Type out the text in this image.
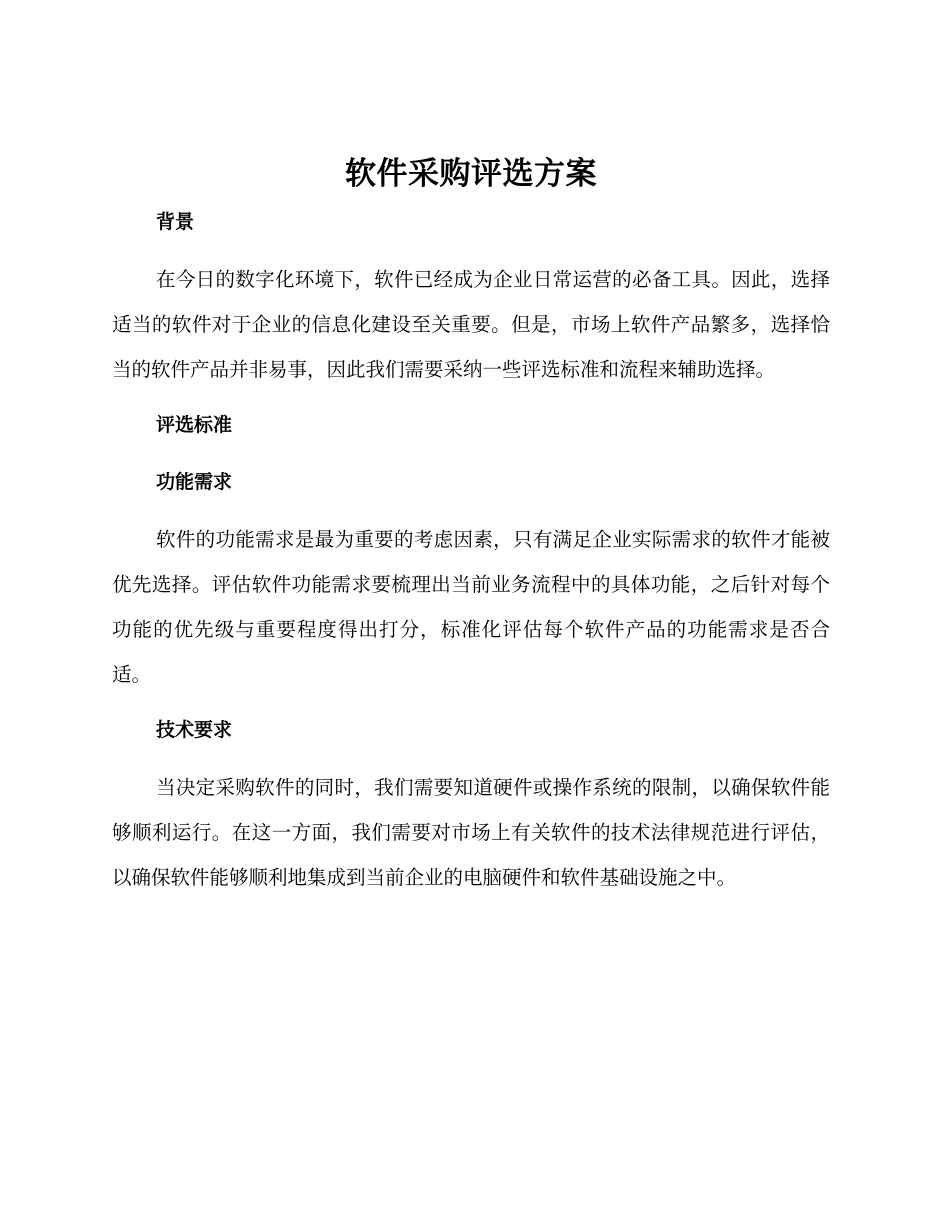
软件采购评选方案
背景

在今日的数字化环境下，软件已经成为企业日常运营的必备工具。因此，选择适当的软件对于企业的信息化建设至关重要。但是，市场上软件产品繁多，选择恰当的软件产品并非易事，因此我们需要采纳一些评选标准和流程来辅助选择。

评选标准
功能需求

软件的功能需求是最为重要的考虑因素，只有满足企业实际需求的软件才能被优先选择。评估软件功能需求要梳理出当前业务流程中的具体功能，之后针对每个功能的优先级与重要程度得出打分，标准化评估每个软件产品的功能需求是否合适。

技术要求

当决定采购软件的同时，我们需要知道硬件或操作系统的限制，以确保软件能够顺利运行。在这一方面，我们需要对市场上有关软件的技术法律规范进行评估，以确保软件能够顺利地集成到当前企业的电脑硬件和软件基础设施之中。
